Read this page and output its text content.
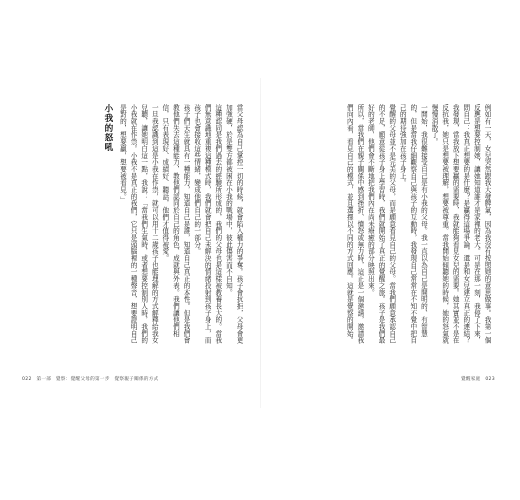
當父母認為自己掌控一切的時候，就會陷入權力的爭奪。孩子會抗拒，父母會更加強硬，於是雙方都被困在小我的戰場中，彼此傷害而不自知。
這種認同是我們過去的經驗所形成的，我們的父母也是這樣被教養長大的。當我們無意識地重複這種模式時，我們就會把自己未解決的情緒投射到孩子身上，而孩子也會接收這些情緒，變成他們自己的一部分。
孩子們天生就具有一種能力，知道自己是誰，知道自己真正的本性。但是我們會教他們失去這種能力，教他們認同於自己的角色、成就與外表。我們讓他們相信，只有表現好、成績好、聽話，他們才值得被愛。
一旦我認識到這是小我在作祟，就可以用十二歲孩子也能理解的方式解釋給我女兒聽，讓她明白這一點，我說：「當我們生氣時，或者想要控制別人時，我們的小我就在作祟。小我不是真正的我們，它只是頭腦裡的一種聲音，想要證明自己是對的，想要贏，想要被看見。」
小我的怒吼
022 第一部 覺察：覺醒父母的第一步 覺察親子關係的方式
例如有一天，女兒突然跟我大發脾氣，因為我沒有按照她的意思做事。我第一個反應是想要控制她，讓她知道誰才是家裡的老大。可是在那一刻，我停了下來，問自己：我真正想要的是什麼？是贏得這場爭論，還是和女兒建立真正的連結？
我發現，當我放下想要贏的需要時，我就能夠看見女兒的需要。她其實並不是在反抗我，她只是想要被理解，想要被尊重。當我開始傾聽她的時候，她的怒氣就慢慢消散了。
一開始，我很難接受自己是有小我的父母。我一直以為自己是開明的、有智慧的，但是當我仔細觀察自己與孩子的互動時，我發現自己常常在不知不覺中把自己的期待強加在孩子身上。
覺醒的父母並不是完美的父母，而是願意看見自己的父母。當我們願意承認自己的不足，願意從孩子身上學習時，我們就開始了真正的覺醒之旅。孩子是我們最好的老師，他們會不斷地把我們內在尚未療癒的部分映照出來。
所以，當我們在親子關係中感到挫折、憤怒或無力時，這正是一個邀請，邀請我們向內看，看見自己的模式，並且選擇以不同的方式回應。這就是覺察的開始。
覺醒家庭 023
